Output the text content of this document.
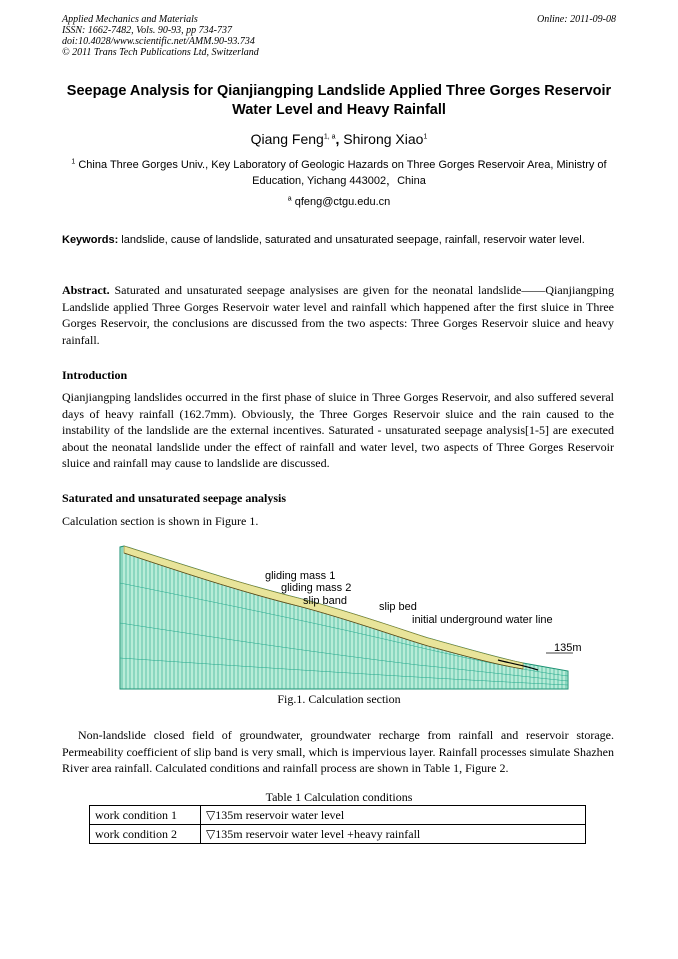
Applied Mechanics and Materials
ISSN: 1662-7482, Vols. 90-93, pp 734-737
doi:10.4028/www.scientific.net/AMM.90-93.734
© 2011 Trans Tech Publications Ltd, Switzerland
Online: 2011-09-08
Seepage Analysis for Qianjiangping Landslide Applied Three Gorges Reservoir Water Level and Heavy Rainfall
Qiang Feng$^{1, a}$, Shirong Xiao$^1$
$^1$ China Three Gorges Univ., Key Laboratory of Geologic Hazards on Three Gorges Reservoir Area, Ministry of Education, Yichang 443002，China
$^a$ qfeng@ctgu.edu.cn
Keywords: landslide, cause of landslide, saturated and unsaturated seepage, rainfall, reservoir water level.
Abstract. Saturated and unsaturated seepage analysises are given for the neonatal landslide——Qianjiangping Landslide applied Three Gorges Reservoir water level and rainfall which happened after the first sluice in Three Gorges Reservoir, the conclusions are discussed from the two aspects: Three Gorges Reservoir sluice and heavy rainfall.
Introduction
Qianjiangping landslides occurred in the first phase of sluice in Three Gorges Reservoir, and also suffered several days of heavy rainfall (162.7mm). Obviously, the Three Gorges Reservoir sluice and the rain caused to the instability of the landslide are the external incentives. Saturated - unsaturated seepage analysis[1-5] are executed about the neonatal landslide under the effect of rainfall and water level, two aspects of Three Gorges Reservoir sluice and rainfall may cause to landslide are discussed.
Saturated and unsaturated seepage analysis
Calculation section is shown in Figure 1.
gliding mass 1
gliding mass 2
slip band	slip bed
initial underground water line
135m
Fig.1. Calculation section
Non-landslide closed field of groundwater, groundwater recharge from rainfall and reservoir storage. Permeability coefficient of slip band is very small, which is impervious layer. Rainfall processes simulate Shazhen River area rainfall. Calculated conditions and rainfall process are shown in Table 1, Figure 2.
Table 1 Calculation conditions
work condition 1	▽135m reservoir water level
work condition 2	▽135m reservoir water level +heavy rainfall
